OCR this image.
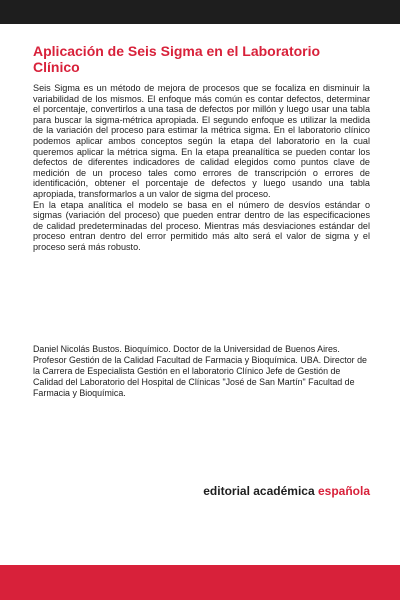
Aplicación de Seis Sigma en el Laboratorio Clínico

Seis Sigma es un método de mejora de procesos que se focaliza en disminuir la variabilidad de los mismos. El enfoque más común es contar defectos, determinar el porcentaje, convertirlos a una tasa de defectos por millón y luego usar una tabla para buscar la sigma-métrica apropiada. El segundo enfoque es utilizar la medida de la variación del proceso para estimar la métrica sigma. En el laboratorio clínico podemos aplicar ambos conceptos según la etapa del laboratorio en la cual queremos aplicar la métrica sigma. En la etapa preanalítica se pueden contar los defectos de diferentes indicadores de calidad elegidos como puntos clave de medición de un proceso tales como errores de transcripción o errores de identificación, obtener el porcentaje de defectos y luego usando una tabla apropiada, transformarlos a un valor de sigma del proceso.

En la etapa analítica el modelo se basa en el número de desvíos estándar o sigmas (variación del proceso) que pueden entrar dentro de las especificaciones de calidad predeterminadas del proceso. Mientras más desviaciones estándar del proceso entran dentro del error permitido más alto será el valor de sigma y el proceso será más robusto.

Daniel Nicolás Bustos. Bioquímico. Doctor de la Universidad de Buenos Aires. Profesor Gestión de la Calidad Facultad de Farmacia y Bioquímica. UBA. Director de la Carrera de Especialista Gestión en el laboratorio Clínico Jefe de Gestión de Calidad del Laboratorio del Hospital de Clínicas "José de San Martín" Facultad de Farmacia y Bioquímica.

editorial académica española
